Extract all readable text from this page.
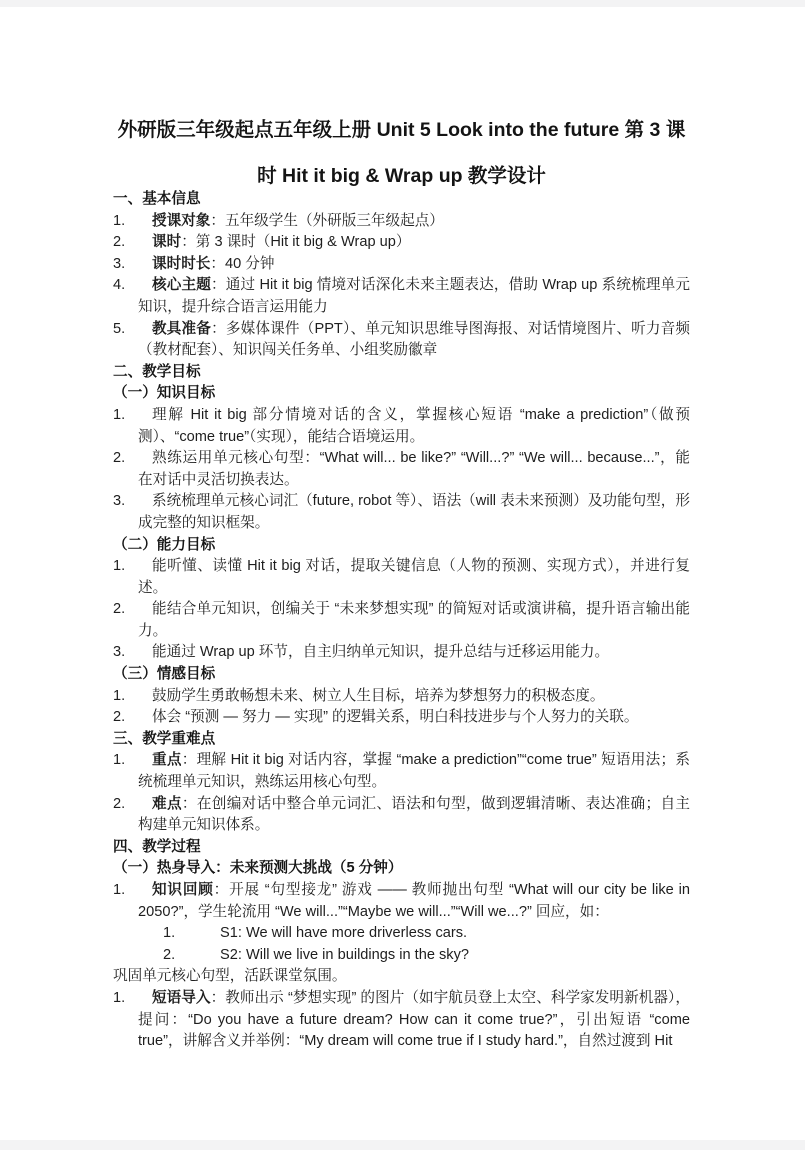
外研版三年级起点五年级上册 Unit 5 Look into the future 第 3 课
时 Hit it big & Wrap up 教学设计
一、基本信息
1. 授课对象：五年级学生（外研版三年级起点）
2. 课时：第 3 课时（Hit it big & Wrap up）
3. 课时时长：40 分钟
4. 核心主题：通过 Hit it big 情境对话深化未来主题表达，借助 Wrap up 系统梳理单元知识，提升综合语言运用能力
5. 教具准备：多媒体课件（PPT）、单元知识思维导图海报、对话情境图片、听力音频（教材配套）、知识闯关任务单、小组奖励徽章
二、教学目标
（一）知识目标
1. 理解 Hit it big 部分情境对话的含义，掌握核心短语 “make a prediction”（做预测）、“come true”（实现），能结合语境运用。
2. 熟练运用单元核心句型：“What will... be like?” “Will...?” “We will... because...”，能在对话中灵活切换表达。
3. 系统梳理单元核心词汇（future, robot 等）、语法（will 表未来预测）及功能句型，形成完整的知识框架。
（二）能力目标
1. 能听懂、读懂 Hit it big 对话，提取关键信息（人物的预测、实现方式），并进行复述。
2. 能结合单元知识，创编关于 “未来梦想实现” 的简短对话或演讲稿，提升语言输出能力。
3. 能通过 Wrap up 环节，自主归纳单元知识，提升总结与迁移运用能力。
（三）情感目标
1. 鼓励学生勇敢畅想未来、树立人生目标，培养为梦想努力的积极态度。
2. 体会 “预测 — 努力 — 实现” 的逻辑关系，明白科技进步与个人努力的关联。
三、教学重难点
1. 重点：理解 Hit it big 对话内容，掌握 “make a prediction”“come true” 短语用法；系统梳理单元知识，熟练运用核心句型。
2. 难点：在创编对话中整合单元词汇、语法和句型，做到逻辑清晰、表达准确；自主构建单元知识体系。
四、教学过程
（一）热身导入：未来预测大挑战（5 分钟）
1. 知识回顾：开展 “句型接龙” 游戏 —— 教师抛出句型 “What will our city be like in 2050?”，学生轮流用 “We will...”“Maybe we will...”“Will we...?” 回应，如：
1.	S1: We will have more driverless cars.
2.	S2: Will we live in buildings in the sky?
巩固单元核心句型，活跃课堂氛围。
1. 短语导入：教师出示 “梦想实现” 的图片（如宇航员登上太空、科学家发明新机器），提问：“Do you have a future dream? How can it come true?”，引出短语 “come true”，讲解含义并举例：“My dream will come true if I study hard.”，自然过渡到 Hit
